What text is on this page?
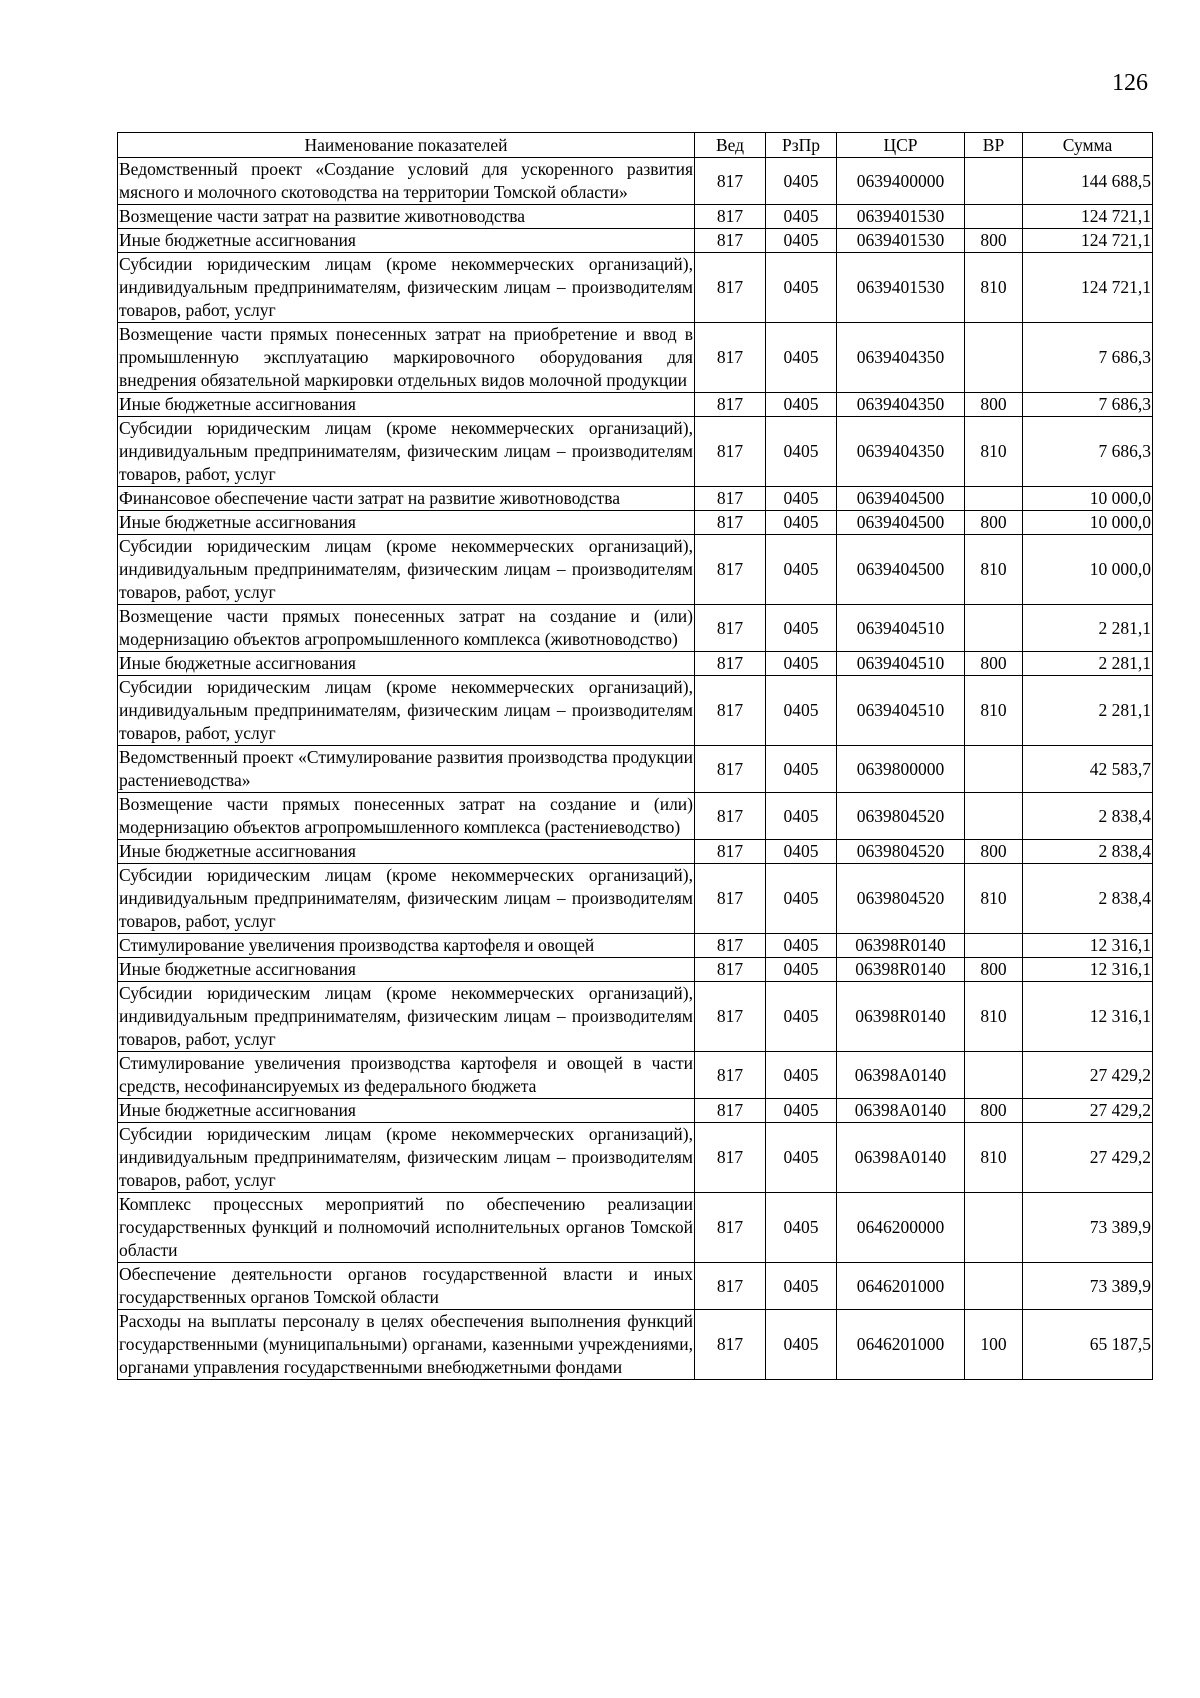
126
Наименование показателей	Вед	РзПр	ЦСР	ВР	Сумма
Ведомственный проект «Создание условий для ускоренного развития мясного и молочного скотоводства на территории Томской области»	817	0405	0639400000		144 688,5
Возмещение части затрат на развитие животноводства	817	0405	0639401530		124 721,1
Иные бюджетные ассигнования	817	0405	0639401530	800	124 721,1
Субсидии юридическим лицам (кроме некоммерческих организаций), индивидуальным предпринимателям, физическим лицам – производителям товаров, работ, услуг	817	0405	0639401530	810	124 721,1
Возмещение части прямых понесенных затрат на приобретение и ввод в промышленную эксплуатацию маркировочного оборудования для внедрения обязательной маркировки отдельных видов молочной продукции	817	0405	0639404350		7 686,3
Иные бюджетные ассигнования	817	0405	0639404350	800	7 686,3
Субсидии юридическим лицам (кроме некоммерческих организаций), индивидуальным предпринимателям, физическим лицам – производителям товаров, работ, услуг	817	0405	0639404350	810	7 686,3
Финансовое обеспечение части затрат на развитие животноводства	817	0405	0639404500		10 000,0
Иные бюджетные ассигнования	817	0405	0639404500	800	10 000,0
Субсидии юридическим лицам (кроме некоммерческих организаций), индивидуальным предпринимателям, физическим лицам – производителям товаров, работ, услуг	817	0405	0639404500	810	10 000,0
Возмещение части прямых понесенных затрат на создание и (или) модернизацию объектов агропромышленного комплекса (животноводство)	817	0405	0639404510		2 281,1
Иные бюджетные ассигнования	817	0405	0639404510	800	2 281,1
Субсидии юридическим лицам (кроме некоммерческих организаций), индивидуальным предпринимателям, физическим лицам – производителям товаров, работ, услуг	817	0405	0639404510	810	2 281,1
Ведомственный проект «Стимулирование развития производства продукции растениеводства»	817	0405	0639800000		42 583,7
Возмещение части прямых понесенных затрат на создание и (или) модернизацию объектов агропромышленного комплекса (растениеводство)	817	0405	0639804520		2 838,4
Иные бюджетные ассигнования	817	0405	0639804520	800	2 838,4
Субсидии юридическим лицам (кроме некоммерческих организаций), индивидуальным предпринимателям, физическим лицам – производителям товаров, работ, услуг	817	0405	0639804520	810	2 838,4
Стимулирование увеличения производства картофеля и овощей	817	0405	06398R0140		12 316,1
Иные бюджетные ассигнования	817	0405	06398R0140	800	12 316,1
Субсидии юридическим лицам (кроме некоммерческих организаций), индивидуальным предпринимателям, физическим лицам – производителям товаров, работ, услуг	817	0405	06398R0140	810	12 316,1
Стимулирование увеличения производства картофеля и овощей в части средств, несофинансируемых из федерального бюджета	817	0405	06398A0140		27 429,2
Иные бюджетные ассигнования	817	0405	06398A0140	800	27 429,2
Субсидии юридическим лицам (кроме некоммерческих организаций), индивидуальным предпринимателям, физическим лицам – производителям товаров, работ, услуг	817	0405	06398A0140	810	27 429,2
Комплекс процессных мероприятий по обеспечению реализации государственных функций и полномочий исполнительных органов Томской области	817	0405	0646200000		73 389,9
Обеспечение деятельности органов государственной власти и иных государственных органов Томской области	817	0405	0646201000		73 389,9
Расходы на выплаты персоналу в целях обеспечения выполнения функций государственными (муниципальными) органами, казенными учреждениями, органами управления государственными внебюджетными фондами	817	0405	0646201000	100	65 187,5
